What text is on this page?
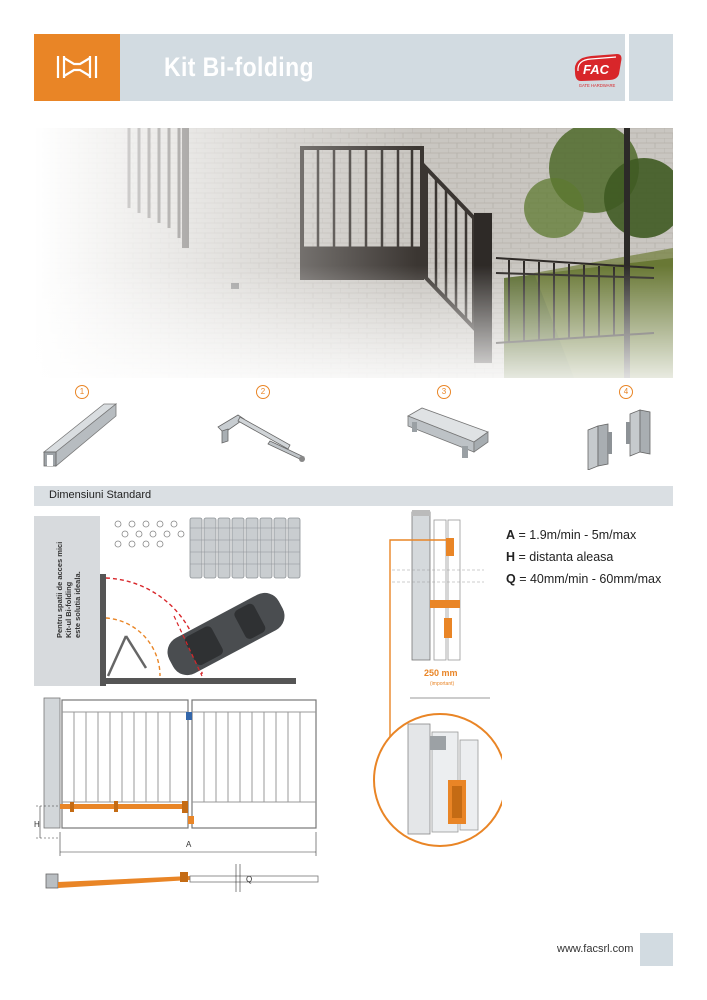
Kit Bi-folding	FAC
GATE HARDWARE
1	2	3	4
Dimensiuni Standard
Pentru spatii de acces mici Kit-ul Bi-folding este solutia ideala.
H
A
Q
250 mm
(important)
A = 1.9m/min - 5m/max
H = distanta aleasa
Q = 40mm/min - 60mm/max
www.facsrl.com
